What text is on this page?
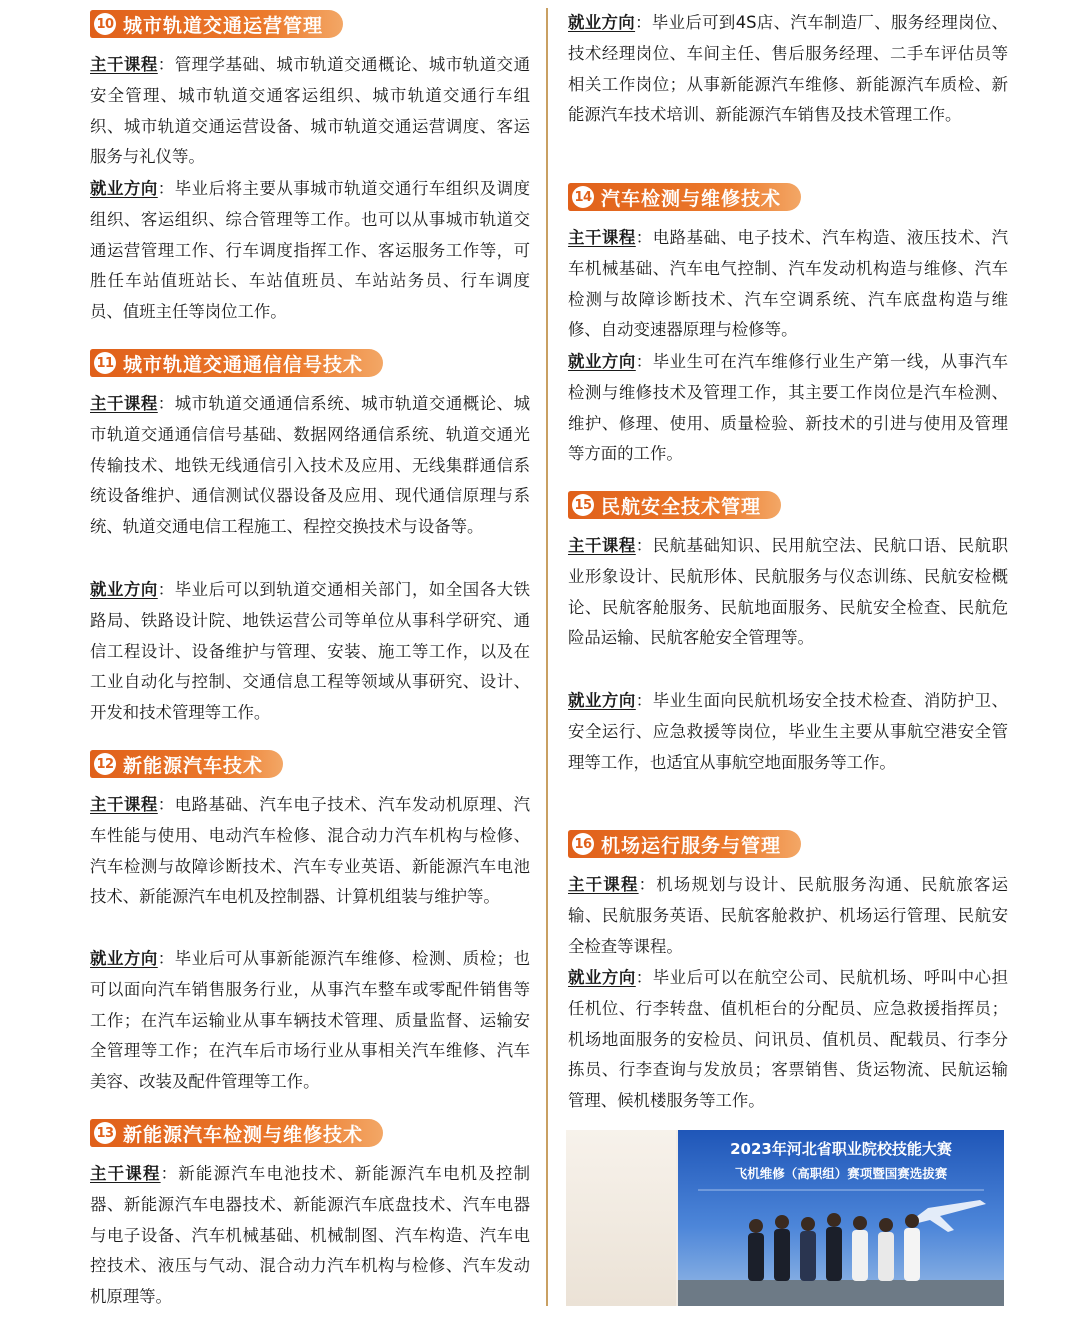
10 城市轨道交通运营管理

主干课程：管理学基础、城市轨道交通概论、城市轨道交通安全管理、城市轨道交通客运组织、城市轨道交通行车组织、城市轨道交通运营设备、城市轨道交通运营调度、客运服务与礼仪等。

就业方向：毕业后将主要从事城市轨道交通行车组织及调度组织、客运组织、综合管理等工作。也可以从事城市轨道交通运营管理工作、行车调度指挥工作、客运服务工作等，可胜任车站值班站长、车站值班员、车站站务员、行车调度员、值班主任等岗位工作。

11 城市轨道交通通信信号技术

主干课程：城市轨道交通通信系统、城市轨道交通概论、城市轨道交通通信信号基础、数据网络通信系统、轨道交通光传输技术、地铁无线通信引入技术及应用、无线集群通信系统设备维护、通信测试仪器设备及应用、现代通信原理与系统、轨道交通电信工程施工、程控交换技术与设备等。

就业方向：毕业后可以到轨道交通相关部门，如全国各大铁路局、铁路设计院、地铁运营公司等单位从事科学研究、通信工程设计、设备维护与管理、安装、施工等工作，以及在工业自动化与控制、交通信息工程等领域从事研究、设计、开发和技术管理等工作。

12 新能源汽车技术

主干课程：电路基础、汽车电子技术、汽车发动机原理、汽车性能与使用、电动汽车检修、混合动力汽车机构与检修、汽车检测与故障诊断技术、汽车专业英语、新能源汽车电池技术、新能源汽车电机及控制器、计算机组装与维护等。

就业方向：毕业后可从事新能源汽车维修、检测、质检；也可以面向汽车销售服务行业，从事汽车整车或零配件销售等工作；在汽车运输业从事车辆技术管理、质量监督、运输安全管理等工作；在汽车后市场行业从事相关汽车维修、汽车美容、改装及配件管理等工作。

13 新能源汽车检测与维修技术

主干课程：新能源汽车电池技术、新能源汽车电机及控制器、新能源汽车电器技术、新能源汽车底盘技术、汽车电器与电子设备、汽车机械基础、机械制图、汽车构造、汽车电控技术、液压与气动、混合动力汽车机构与检修、汽车发动机原理等。

就业方向：毕业后可到4S店、汽车制造厂、服务经理岗位、技术经理岗位、车间主任、售后服务经理、二手车评估员等相关工作岗位；从事新能源汽车维修、新能源汽车质检、新能源汽车技术培训、新能源汽车销售及技术管理工作。

14 汽车检测与维修技术

主干课程：电路基础、电子技术、汽车构造、液压技术、汽车机械基础、汽车电气控制、汽车发动机构造与维修、汽车检测与故障诊断技术、汽车空调系统、汽车底盘构造与维修、自动变速器原理与检修等。

就业方向：毕业生可在汽车维修行业生产第一线，从事汽车检测与维修技术及管理工作，其主要工作岗位是汽车检测、维护、修理、使用、质量检验、新技术的引进与使用及管理等方面的工作。

15 民航安全技术管理

主干课程：民航基础知识、民用航空法、民航口语、民航职业形象设计、民航形体、民航服务与仪态训练、民航安检概论、民航客舱服务、民航地面服务、民航安全检查、民航危险品运输、民航客舱安全管理等。

就业方向：毕业生面向民航机场安全技术检查、消防护卫、安全运行、应急救援等岗位，毕业生主要从事航空港安全管理等工作，也适宜从事航空地面服务等工作。

16 机场运行服务与管理

主干课程：机场规划与设计、民航服务沟通、民航旅客运输、民航服务英语、民航客舱救护、机场运行管理、民航安全检查等课程。

就业方向：毕业后可以在航空公司、民航机场、呼叫中心担任机位、行李转盘、值机柜台的分配员、应急救援指挥员；机场地面服务的安检员、问讯员、值机员、配载员、行李分拣员、行李查询与发放员；客票销售、货运物流、民航运输管理、候机楼服务等工作。

2023年河北省职业院校技能大赛
飞机维修（高职组）赛项暨国赛选拔赛
